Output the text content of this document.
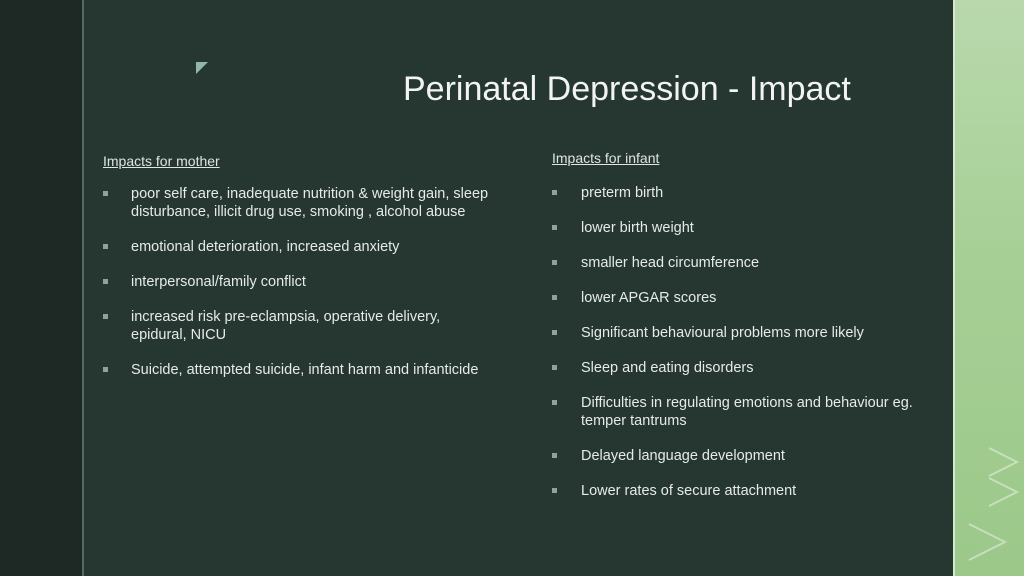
Perinatal Depression - Impact
Impacts for mother
poor self care, inadequate nutrition & weight gain, sleep disturbance, illicit drug use, smoking , alcohol abuse
emotional deterioration, increased anxiety
interpersonal/family conflict
increased risk pre-eclampsia, operative delivery, epidural, NICU
Suicide, attempted suicide, infant harm and infanticide
Impacts for infant
preterm birth
lower birth weight
smaller head circumference
lower APGAR scores
Significant behavioural problems more likely
Sleep and eating disorders
Difficulties in regulating emotions and behaviour eg. temper tantrums
Delayed language development
Lower rates of secure attachment
